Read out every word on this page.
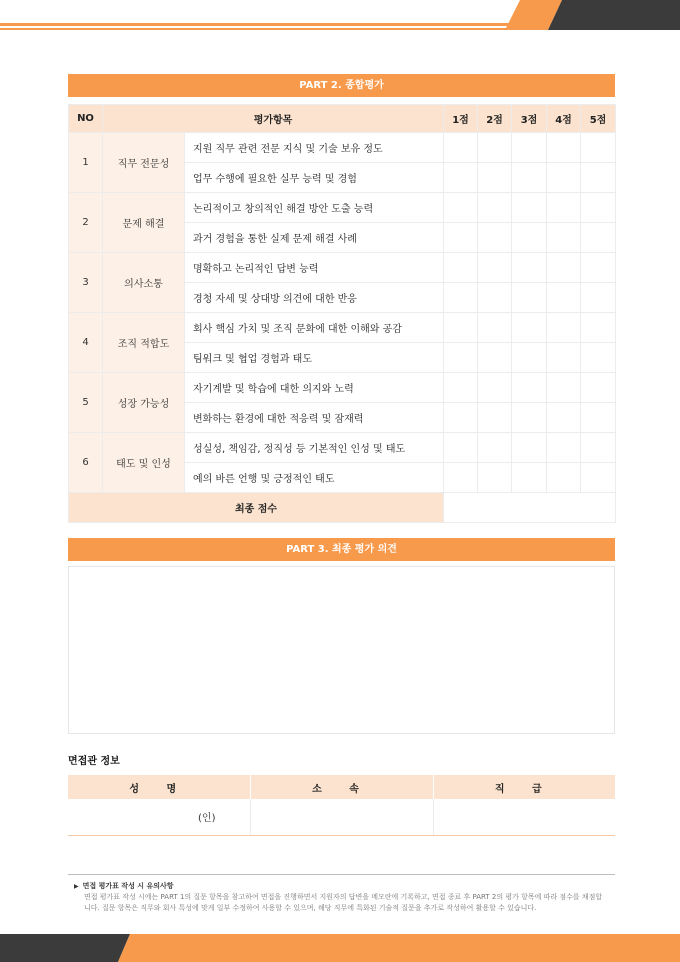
PART 2. 종합평가
NO	평가항목		1점	2점	3점	4점	5점
1	직무 전문성	지원 직무 관련 전문 지식 및 기술 보유 정도					
		업무 수행에 필요한 실무 능력 및 경험					
2	문제 해결	논리적이고 창의적인 해결 방안 도출 능력					
		과거 경험을 통한 실제 문제 해결 사례					
3	의사소통	명확하고 논리적인 답변 능력					
		경청 자세 및 상대방 의견에 대한 반응					
4	조직 적합도	회사 핵심 가치 및 조직 문화에 대한 이해와 공감					
		팀워크 및 협업 경험과 태도					
5	성장 가능성	자기계발 및 학습에 대한 의지와 노력					
		변화하는 환경에 대한 적응력 및 잠재력					
6	태도 및 인성	성실성, 책임감, 정직성 등 기본적인 인성 및 태도					
		예의 바른 언행 및 긍정적인 태도					
최종 점수							
PART 3. 최종 평가 의견
면접관 정보
성 명	소 속	직 급
(인)		
▶ 면접 평가표 작성 시 유의사항
면접 평가표 작성 시에는 PART 1의 질문 항목을 참고하여 면접을 진행하면서 지원자의 답변을 메모란에 기록하고, 면접 종료 후 PART 2의 평가 항목에 따라 점수를 채점합니다. 질문 항목은 직무와 회사 특성에 맞게 일부 수정하여 사용할 수 있으며, 해당 직무에 특화된 기술적 질문을 추가로 작성하여 활용할 수 있습니다.
